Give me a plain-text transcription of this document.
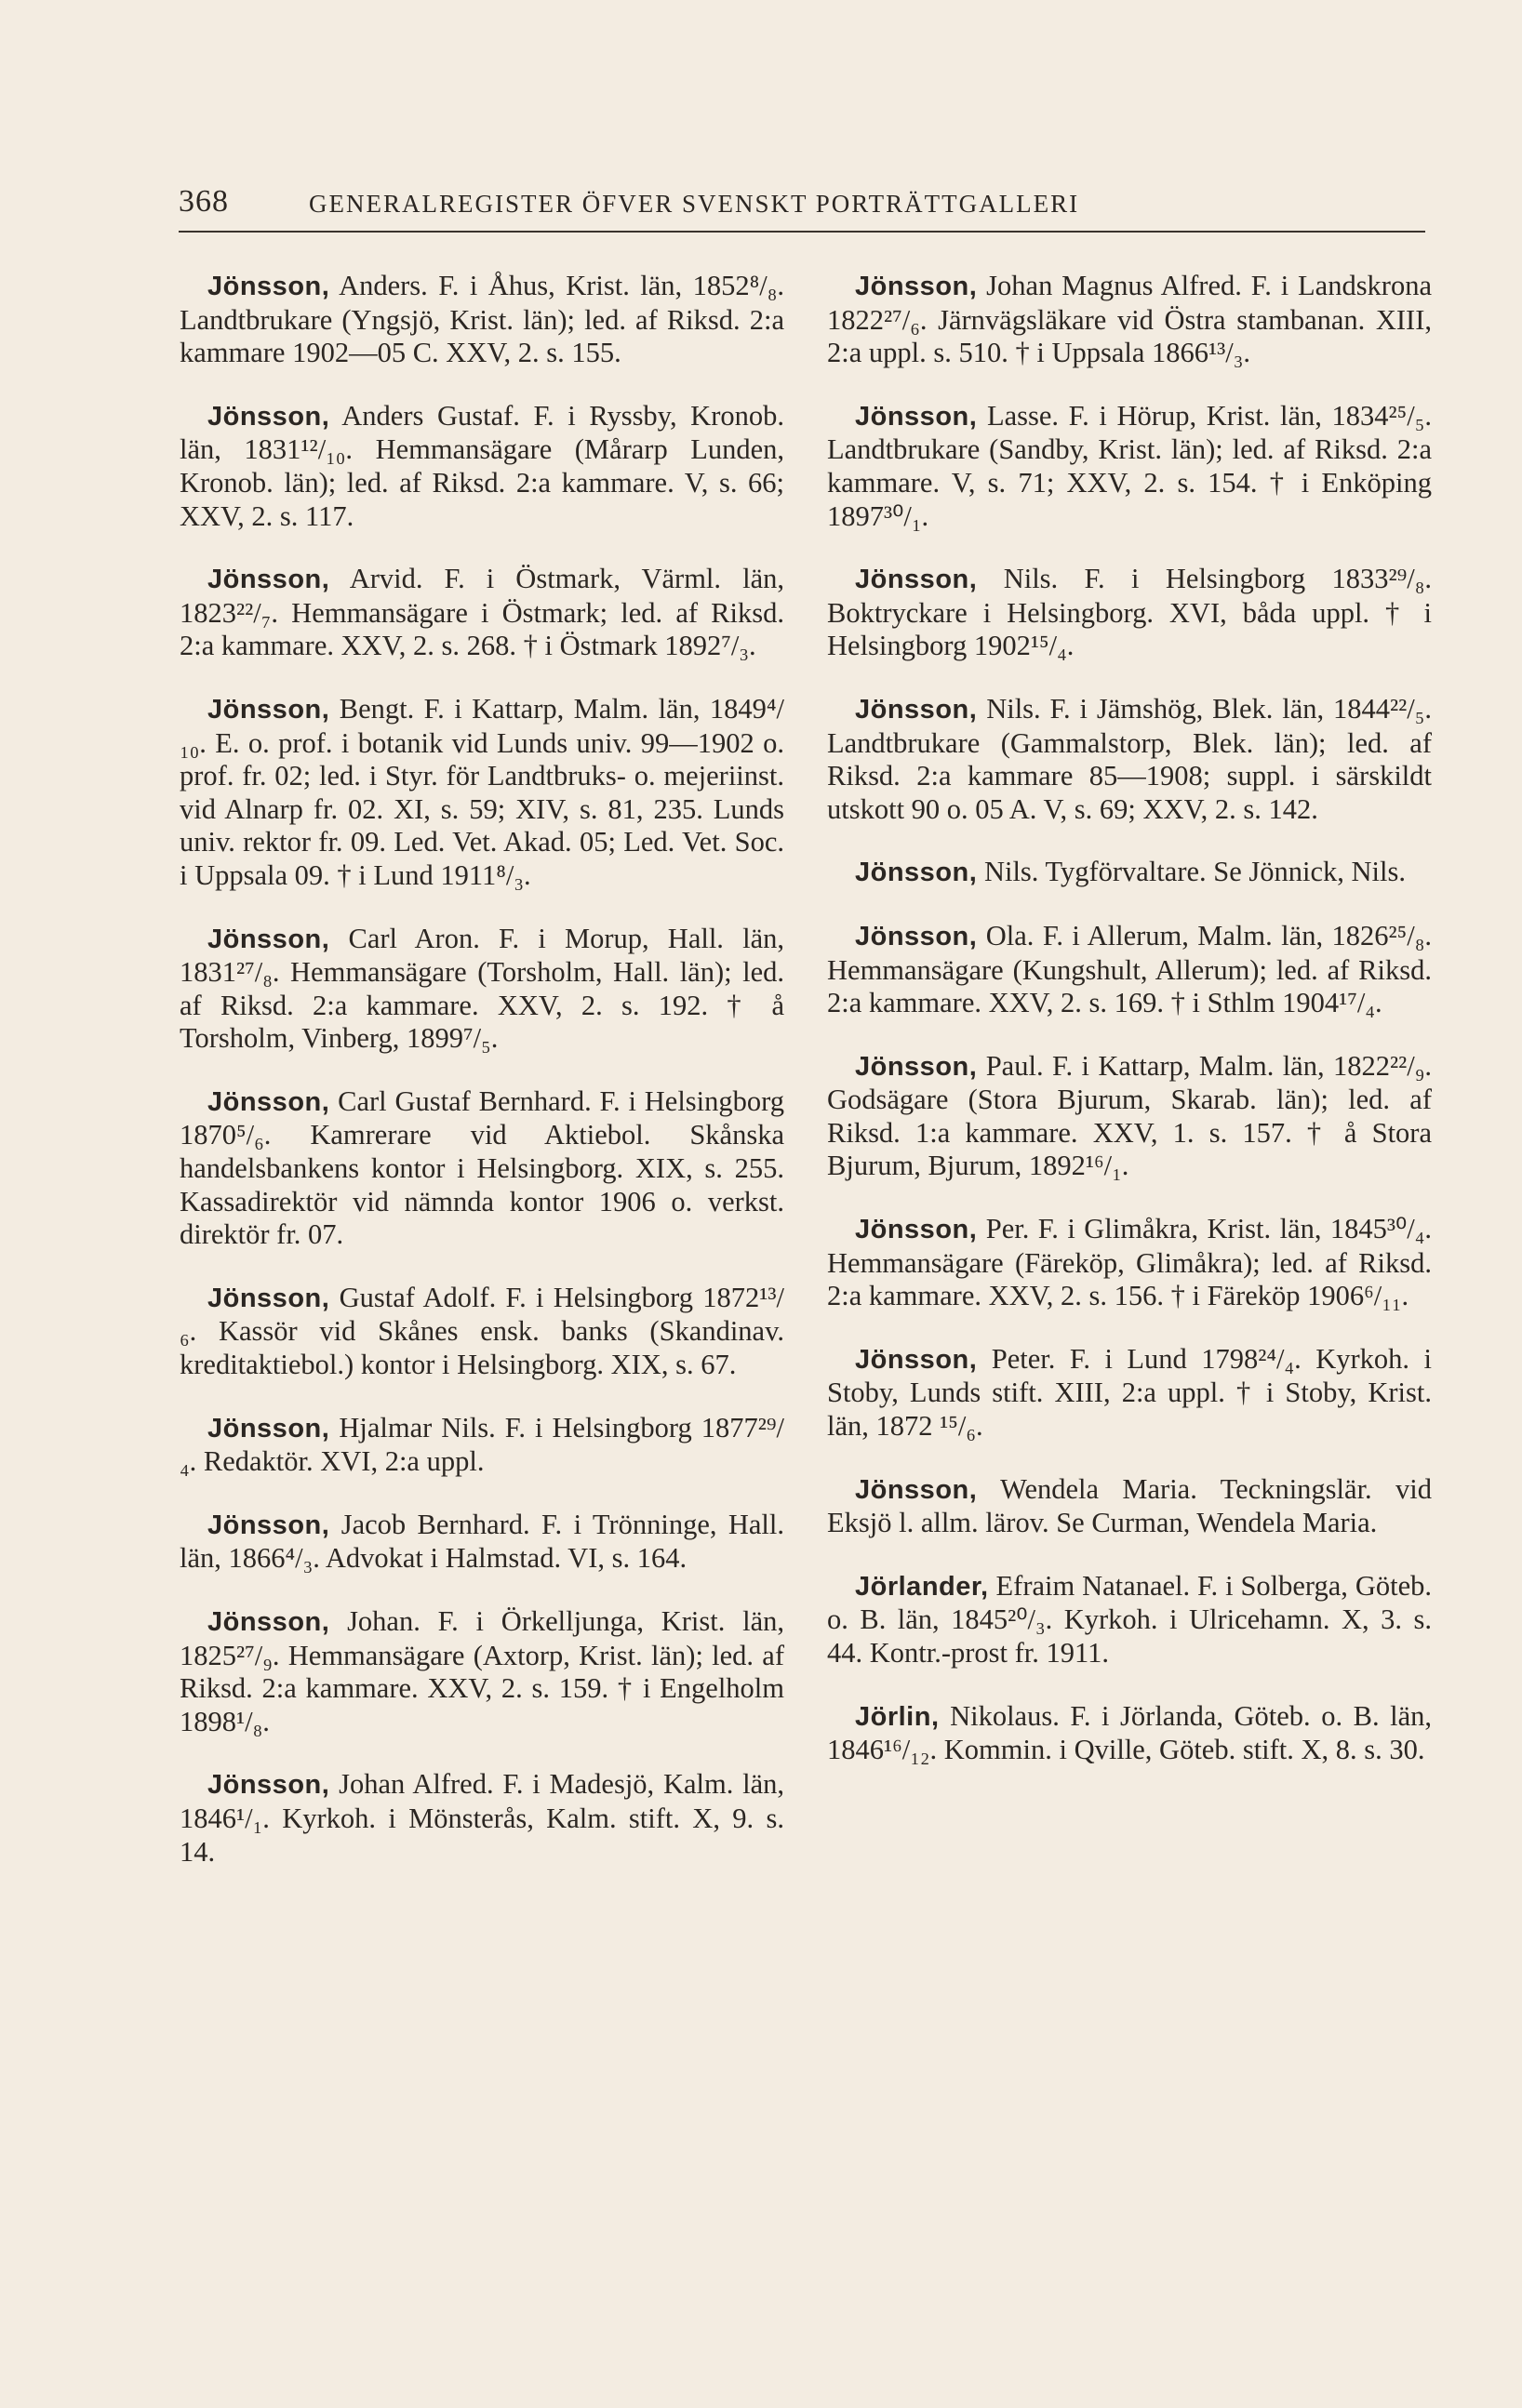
368	GENERALREGISTER ÖFVER SVENSKT PORTRÄTTGALLERI

Jönsson, Anders. F. i Åhus, Krist. län, 1852⁸/₈. Landtbrukare (Yngsjö, Krist. län); led. af Riksd. 2:a kammare 1902—05 C. XXV, 2. s. 155.

Jönsson, Anders Gustaf. F. i Ryssby, Kronob. län, 1831¹²/₁₀. Hemmansägare (Mårarp Lunden, Kronob. län); led. af Riksd. 2:a kammare. V, s. 66; XXV, 2. s. 117.

Jönsson, Arvid. F. i Östmark, Värml. län, 1823²²/₇. Hemmansägare i Östmark; led. af Riksd. 2:a kammare. XXV, 2. s. 268. † i Östmark 1892⁷/₃.

Jönsson, Bengt. F. i Kattarp, Malm. län, 1849⁴/₁₀. E. o. prof. i botanik vid Lunds univ. 99—1902 o. prof. fr. 02; led. i Styr. för Landtbruks- o. mejeriinst. vid Alnarp fr. 02. XI, s. 59; XIV, s. 81, 235. Lunds univ. rektor fr. 09. Led. Vet. Akad. 05; Led. Vet. Soc. i Uppsala 09. † i Lund 1911⁸/₃.

Jönsson, Carl Aron. F. i Morup, Hall. län, 1831²⁷/₈. Hemmansägare (Torsholm, Hall. län); led. af Riksd. 2:a kammare. XXV, 2. s. 192. † å Torsholm, Vinberg, 1899⁷/₅.

Jönsson, Carl Gustaf Bernhard. F. i Helsingborg 1870⁵/₆. Kamrerare vid Aktiebol. Skånska handelsbankens kontor i Helsingborg. XIX, s. 255. Kassadirektör vid nämnda kontor 1906 o. verkst. direktör fr. 07.

Jönsson, Gustaf Adolf. F. i Helsingborg 1872¹³/₆. Kassör vid Skånes ensk. banks (Skandinav. kreditaktiebol.) kontor i Helsingborg. XIX, s. 67.

Jönsson, Hjalmar Nils. F. i Helsingborg 1877²⁹/₄. Redaktör. XVI, 2:a uppl.

Jönsson, Jacob Bernhard. F. i Trönninge, Hall. län, 1866⁴/₃. Advokat i Halmstad. VI, s. 164.

Jönsson, Johan. F. i Örkelljunga, Krist. län, 1825²⁷/₉. Hemmansägare (Axtorp, Krist. län); led. af Riksd. 2:a kammare. XXV, 2. s. 159. † i Engelholm 1898¹/₈.

Jönsson, Johan Alfred. F. i Madesjö, Kalm. län, 1846¹/₁. Kyrkoh. i Mönsterås, Kalm. stift. X, 9. s. 14.

Jönsson, Johan Magnus Alfred. F. i Landskrona 1822²⁷/₆. Järnvägsläkare vid Östra stambanan. XIII, 2:a uppl. s. 510. † i Uppsala 1866¹³/₃.

Jönsson, Lasse. F. i Hörup, Krist. län, 1834²⁵/₅. Landtbrukare (Sandby, Krist. län); led. af Riksd. 2:a kammare. V, s. 71; XXV, 2. s. 154. † i Enköping 1897³⁰/₁.

Jönsson, Nils. F. i Helsingborg 1833²⁹/₈. Boktryckare i Helsingborg. XVI, båda uppl. † i Helsingborg 1902¹⁵/₄.

Jönsson, Nils. F. i Jämshög, Blek. län, 1844²²/₅. Landtbrukare (Gammalstorp, Blek. län); led. af Riksd. 2:a kammare 85—1908; suppl. i särskildt utskott 90 o. 05 A. V, s. 69; XXV, 2. s. 142.

Jönsson, Nils. Tygförvaltare. Se Jönnick, Nils.

Jönsson, Ola. F. i Allerum, Malm. län, 1826²⁵/₈. Hemmansägare (Kungshult, Allerum); led. af Riksd. 2:a kammare. XXV, 2. s. 169. † i Sthlm 1904¹⁷/₄.

Jönsson, Paul. F. i Kattarp, Malm. län, 1822²²/₉. Godsägare (Stora Bjurum, Skarab. län); led. af Riksd. 1:a kammare. XXV, 1. s. 157. † å Stora Bjurum, Bjurum, 1892¹⁶/₁.

Jönsson, Per. F. i Glimåkra, Krist. län, 1845³⁰/₄. Hemmansägare (Färeköp, Glimåkra); led. af Riksd. 2:a kammare. XXV, 2. s. 156. † i Färeköp 1906⁶/₁₁.

Jönsson, Peter. F. i Lund 1798²⁴/₄. Kyrkoh. i Stoby, Lunds stift. XIII, 2:a uppl. † i Stoby, Krist. län, 1872 ¹⁵/₆.

Jönsson, Wendela Maria. Teckningslär. vid Eksjö l. allm. lärov. Se Curman, Wendela Maria.

Jörlander, Efraim Natanael. F. i Solberga, Göteb. o. B. län, 1845²⁰/₃. Kyrkoh. i Ulricehamn. X, 3. s. 44. Kontr.-prost fr. 1911.

Jörlin, Nikolaus. F. i Jörlanda, Göteb. o. B. län, 1846¹⁶/₁₂. Kommin. i Qville, Göteb. stift. X, 8. s. 30.
